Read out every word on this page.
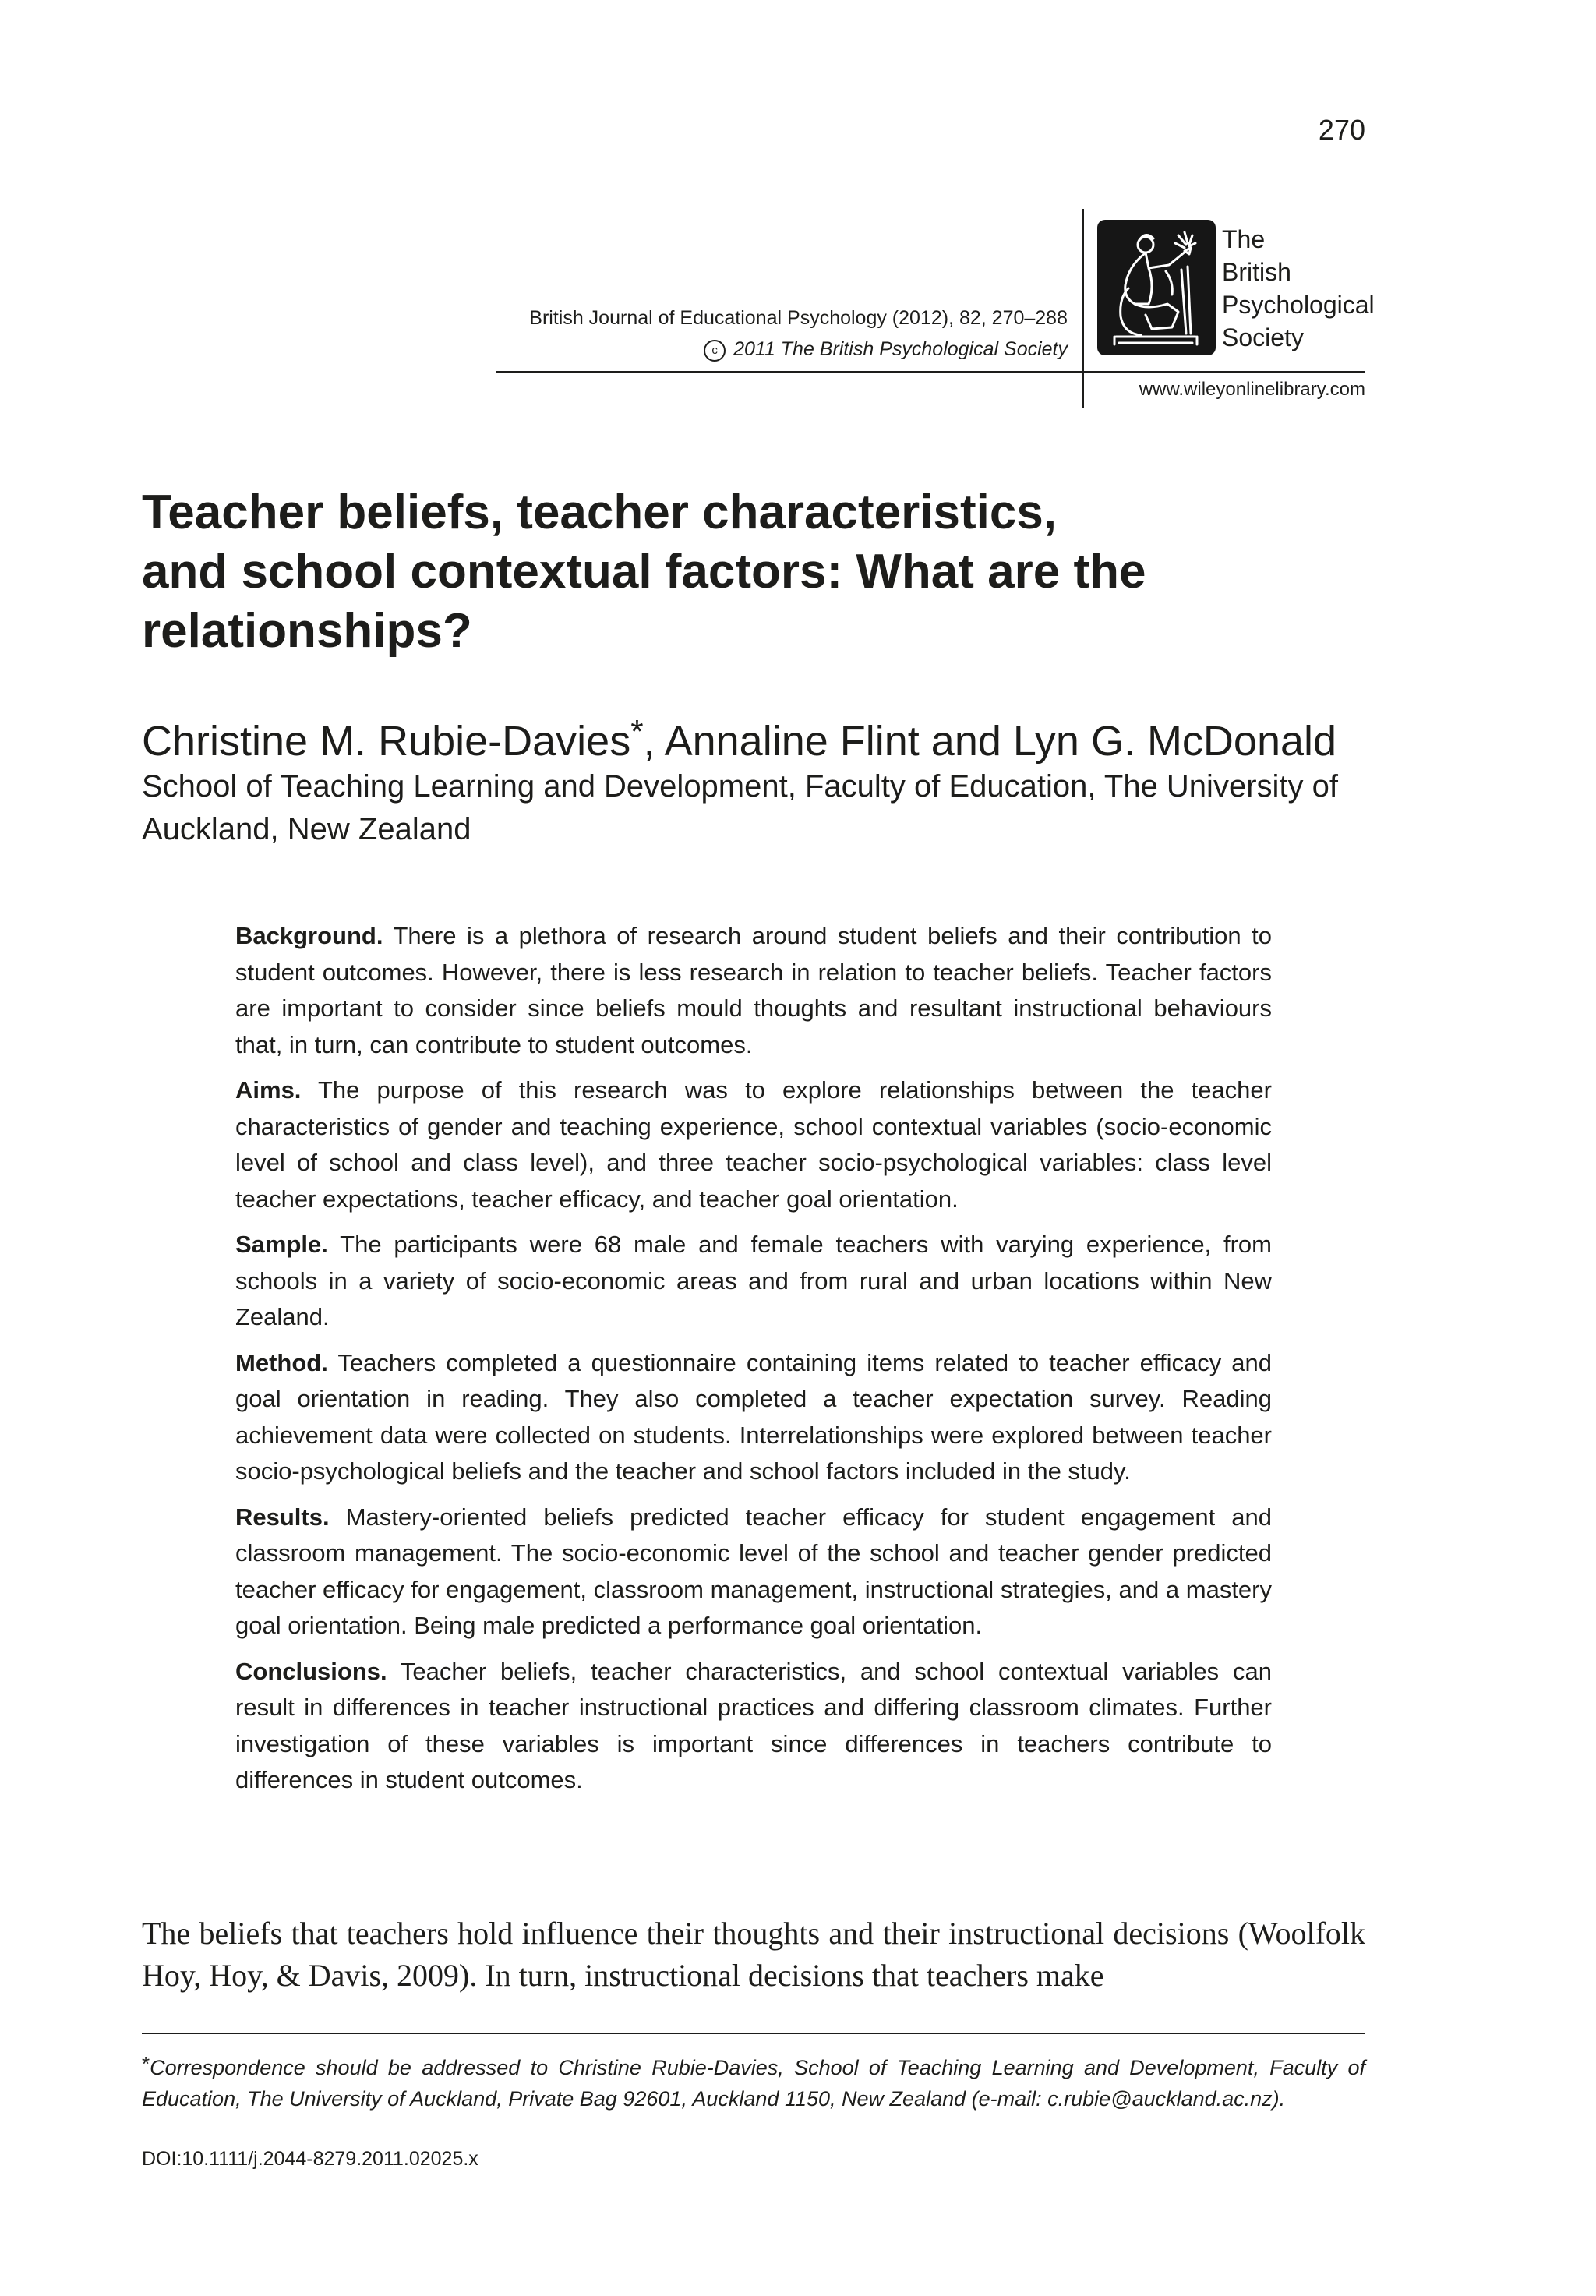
270
British Journal of Educational Psychology (2012), 82, 270–288
c 2011 The British Psychological Society
The
British
Psychological
Society
www.wileyonlinelibrary.com
Teacher beliefs, teacher characteristics, and school contextual factors: What are the relationships?
Christine M. Rubie-Davies*, Annaline Flint and Lyn G. McDonald
School of Teaching Learning and Development, Faculty of Education, The University of Auckland, New Zealand

Background. There is a plethora of research around student beliefs and their contribution to student outcomes. However, there is less research in relation to teacher beliefs. Teacher factors are important to consider since beliefs mould thoughts and resultant instructional behaviours that, in turn, can contribute to student outcomes.

Aims. The purpose of this research was to explore relationships between the teacher characteristics of gender and teaching experience, school contextual variables (socio-economic level of school and class level), and three teacher socio-psychological variables: class level teacher expectations, teacher efficacy, and teacher goal orientation.

Sample. The participants were 68 male and female teachers with varying experience, from schools in a variety of socio-economic areas and from rural and urban locations within New Zealand.

Method. Teachers completed a questionnaire containing items related to teacher efficacy and goal orientation in reading. They also completed a teacher expectation survey. Reading achievement data were collected on students. Interrelationships were explored between teacher socio-psychological beliefs and the teacher and school factors included in the study.

Results. Mastery-oriented beliefs predicted teacher efficacy for student engagement and classroom management. The socio-economic level of the school and teacher gender predicted teacher efficacy for engagement, classroom management, instructional strategies, and a mastery goal orientation. Being male predicted a performance goal orientation.

Conclusions. Teacher beliefs, teacher characteristics, and school contextual variables can result in differences in teacher instructional practices and differing classroom climates. Further investigation of these variables is important since differences in teachers contribute to differences in student outcomes.

The beliefs that teachers hold influence their thoughts and their instructional decisions (Woolfolk Hoy, Hoy, & Davis, 2009). In turn, instructional decisions that teachers make

*Correspondence should be addressed to Christine Rubie-Davies, School of Teaching Learning and Development, Faculty of Education, The University of Auckland, Private Bag 92601, Auckland 1150, New Zealand (e-mail: c.rubie@auckland.ac.nz).

DOI:10.1111/j.2044-8279.2011.02025.x
